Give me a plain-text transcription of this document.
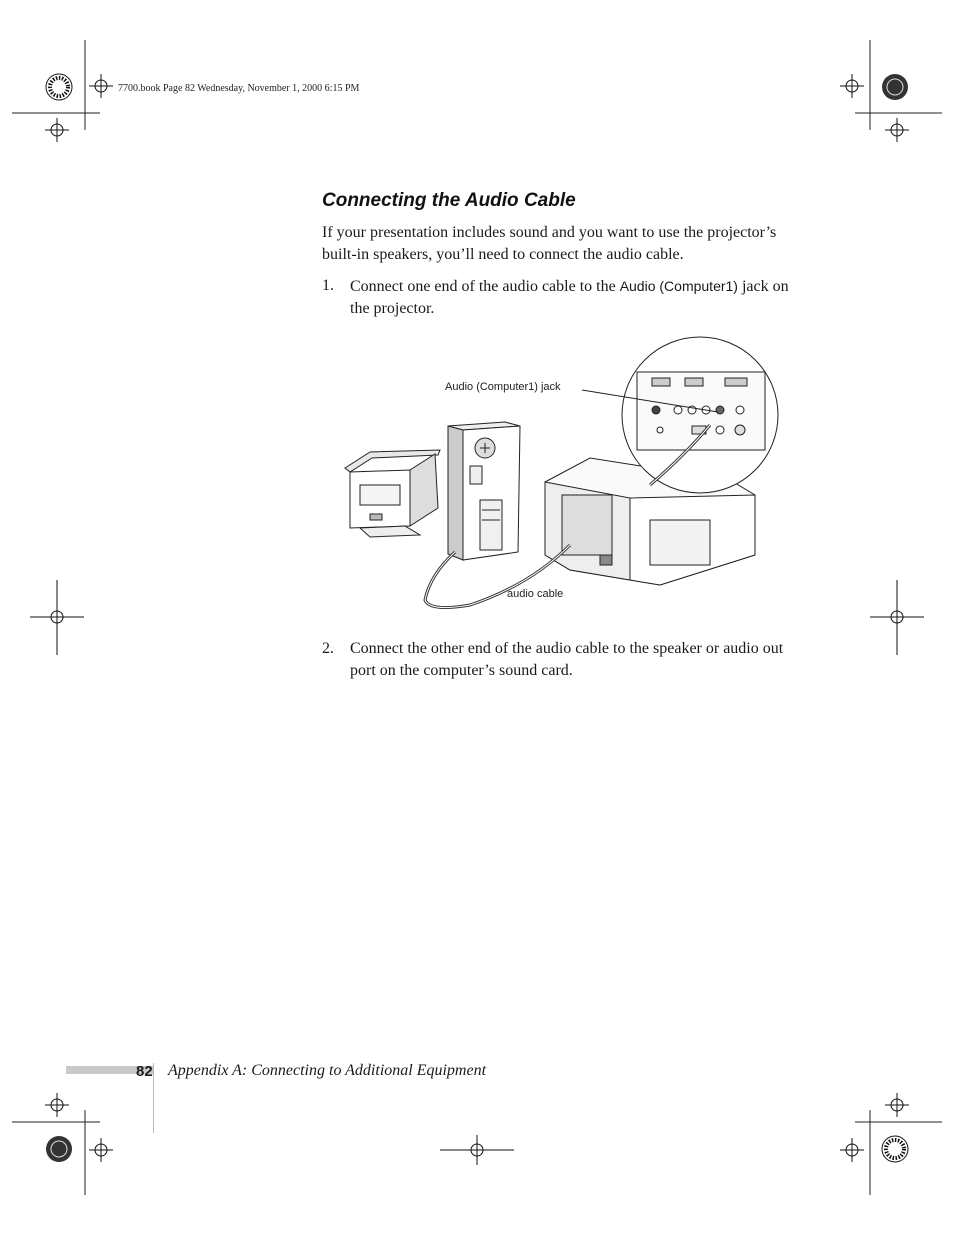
7700.book Page 82 Wednesday, November 1, 2000 6:15 PM
Connecting the Audio Cable
If your presentation includes sound and you want to use the projector’s built-in speakers, you’ll need to connect the audio cable.
1. Connect one end of the audio cable to the Audio (Computer1) jack on the projector.
Audio (Computer1) jack
audio cable
2. Connect the other end of the audio cable to the speaker or audio out port on the computer’s sound card.
82 Appendix A: Connecting to Additional Equipment
